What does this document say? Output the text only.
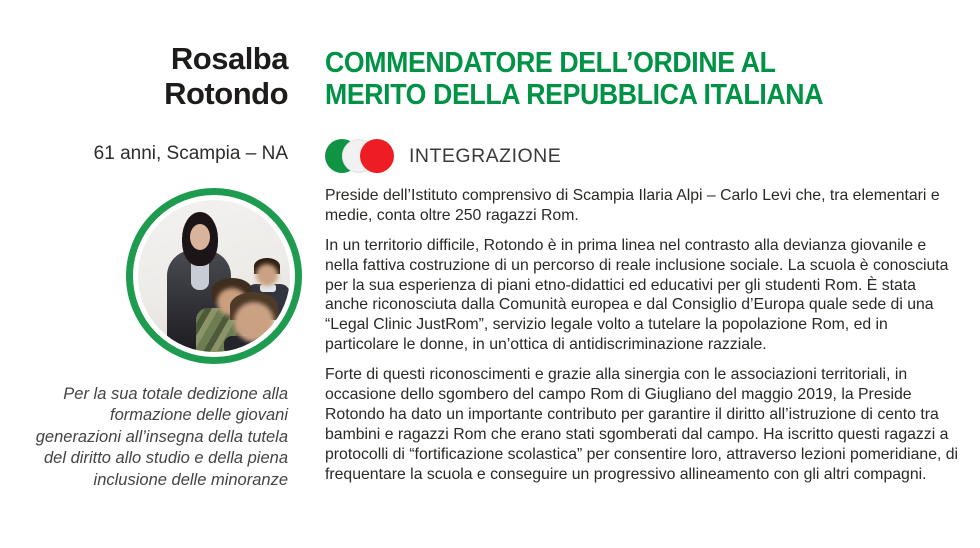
Rosalba
Rotondo
61 anni, Scampia – NA
Per la sua totale dedizione alla formazione delle giovani generazioni all’insegna della tutela del diritto allo studio e della piena inclusione delle minoranze
COMMENDATORE DELL’ORDINE AL
MERITO DELLA REPUBBLICA ITALIANA
INTEGRAZIONE

Preside dell’Istituto comprensivo di Scampia Ilaria Alpi – Carlo Levi che, tra elementari e medie, conta oltre 250 ragazzi Rom.

In un territorio difficile, Rotondo è in prima linea nel contrasto alla devianza giovanile e nella fattiva costruzione di un percorso di reale inclusione sociale. La scuola è conosciuta per la sua esperienza di piani etno-didattici ed educativi per gli studenti Rom. È stata anche riconosciuta dalla Comunità europea e dal Consiglio d’Europa quale sede di una “Legal Clinic JustRom”, servizio legale volto a tutelare la popolazione Rom, ed in particolare le donne, in un’ottica di antidiscriminazione razziale.

Forte di questi riconoscimenti e grazie alla sinergia con le associazioni territoriali, in occasione dello sgombero del campo Rom di Giugliano del maggio 2019, la Preside Rotondo ha dato un importante contributo per garantire il diritto all’istruzione di cento tra bambini e ragazzi Rom che erano stati sgomberati dal campo. Ha iscritto questi ragazzi a protocolli di “fortificazione scolastica” per consentire loro, attraverso lezioni pomeridiane, di frequentare la scuola e conseguire un progressivo allineamento con gli altri compagni.
